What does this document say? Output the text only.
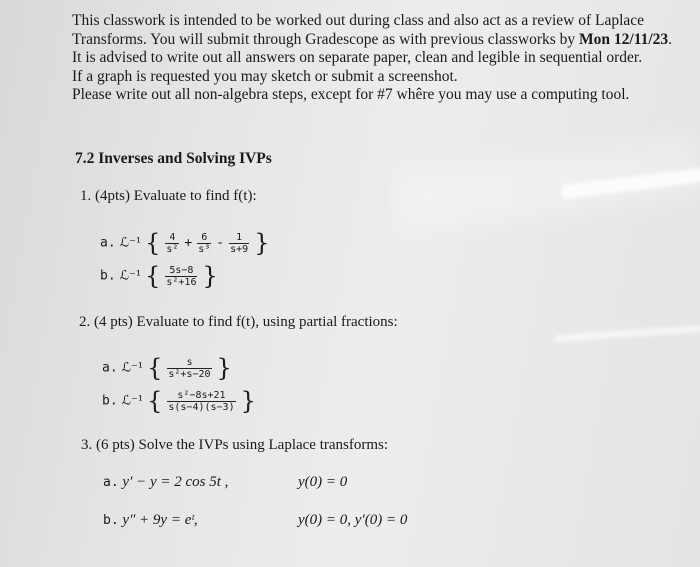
This classwork is intended to be worked out during class and also act as a review of Laplace
Transforms. You will submit through Gradescope as with previous classworks by Mon 12/11/23.
It is advised to write out all answers on separate paper, clean and legible in sequential order.
If a graph is requested you may sketch or submit a screenshot.
Please write out all non-algebra steps, except for #7 whêre you may use a computing tool.
7.2 Inverses and Solving IVPs
1. (4pts) Evaluate to find f(t):
a. ℒ⁻¹ { $\frac{4}{\text{s²}} + \frac{6}{\text{s³}} - \frac{1}{s+9}$ }
b. ℒ⁻¹ { $\frac{5s-8}{\text{s²+16}}$ }
2. (4 pts) Evaluate to find f(t), using partial fractions:
a. ℒ⁻¹ { $\frac{s}{\text{s²+s−20}}$ }
b. ℒ⁻¹ { $\frac{\text{s²−8s+21}}{s(s-4)(s-3)}$ }
3. (6 pts) Solve the IVPs using Laplace transforms:
a. y′ − y = 2 cos 5t ,	y(0) = 0
b. y″ + 9y = eᵗ,	y(0) = 0, y′(0) = 0
